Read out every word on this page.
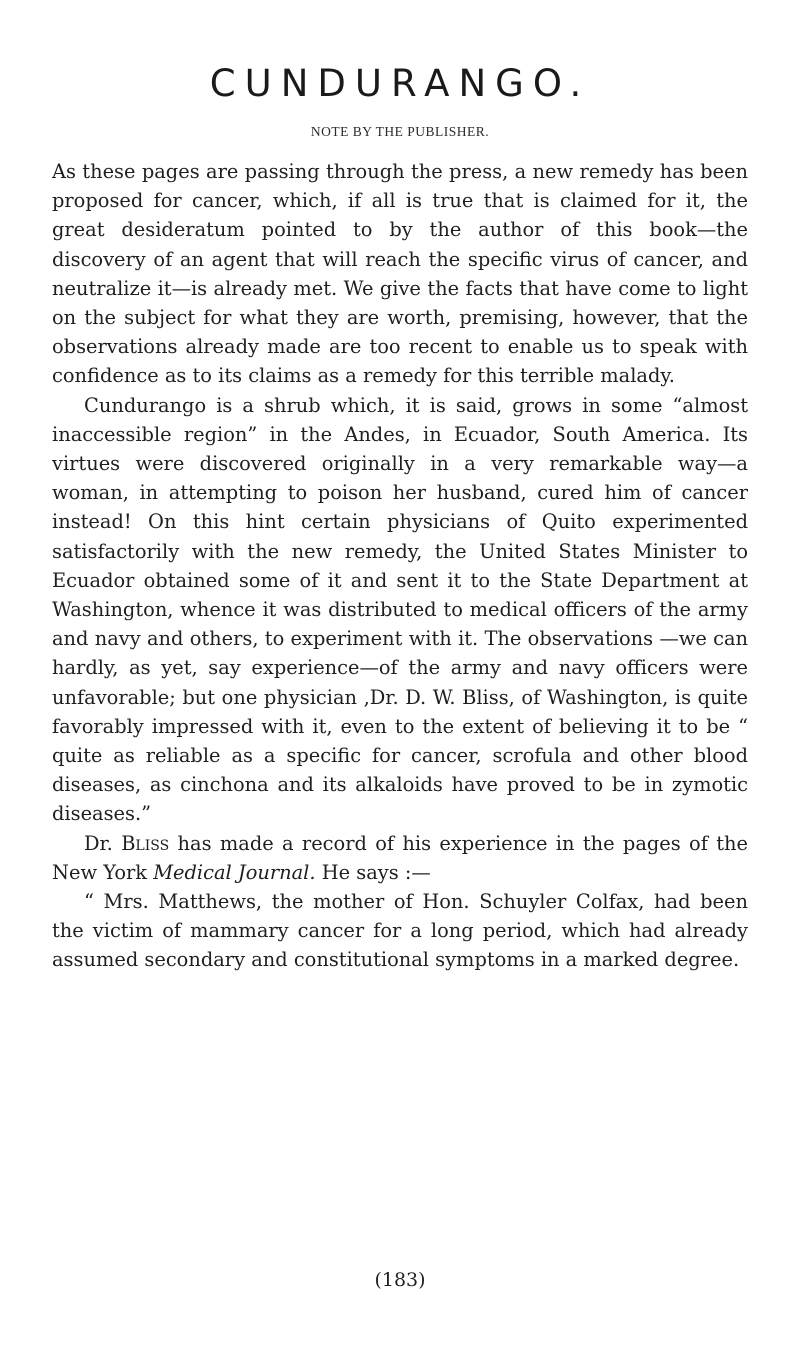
CUNDURANGO.
NOTE BY THE PUBLISHER.

As these pages are passing through the press, a new remedy has been proposed for cancer, which, if all is true that is claimed for it, the great desideratum pointed to by the author of this book—the discovery of an agent that will reach the specific virus of cancer, and neutralize it—is already met. We give the facts that have come to light on the subject for what they are worth, premising, however, that the observations already made are too recent to enable us to speak with confidence as to its claims as a remedy for this terrible malady.

Cundurango is a shrub which, it is said, grows in some “almost inaccessible region” in the Andes, in Ecuador, South America. Its virtues were discovered originally in a very remarkable way—a woman, in attempting to poison her husband, cured him of cancer instead! On this hint certain physicians of Quito experimented satisfactorily with the new remedy, the United States Minister to Ecuador obtained some of it and sent it to the State Department at Washington, whence it was distributed to medical officers of the army and navy and others, to experiment with it. The observations —we can hardly, as yet, say experience—of the army and navy officers were unfavorable; but one physician ,Dr. D. W. Bliss, of Washington, is quite favorably impressed with it, even to the extent of believing it to be “ quite as reliable as a specific for cancer, scrofula and other blood diseases, as cinchona and its alkaloids have proved to be in zymotic diseases.”

Dr. Bliss has made a record of his experience in the pages of the New York Medical Journal. He says :—

“ Mrs. Matthews, the mother of Hon. Schuyler Colfax, had been the victim of mammary cancer for a long period, which had already assumed secondary and constitutional symptoms in a marked degree.

(183)
